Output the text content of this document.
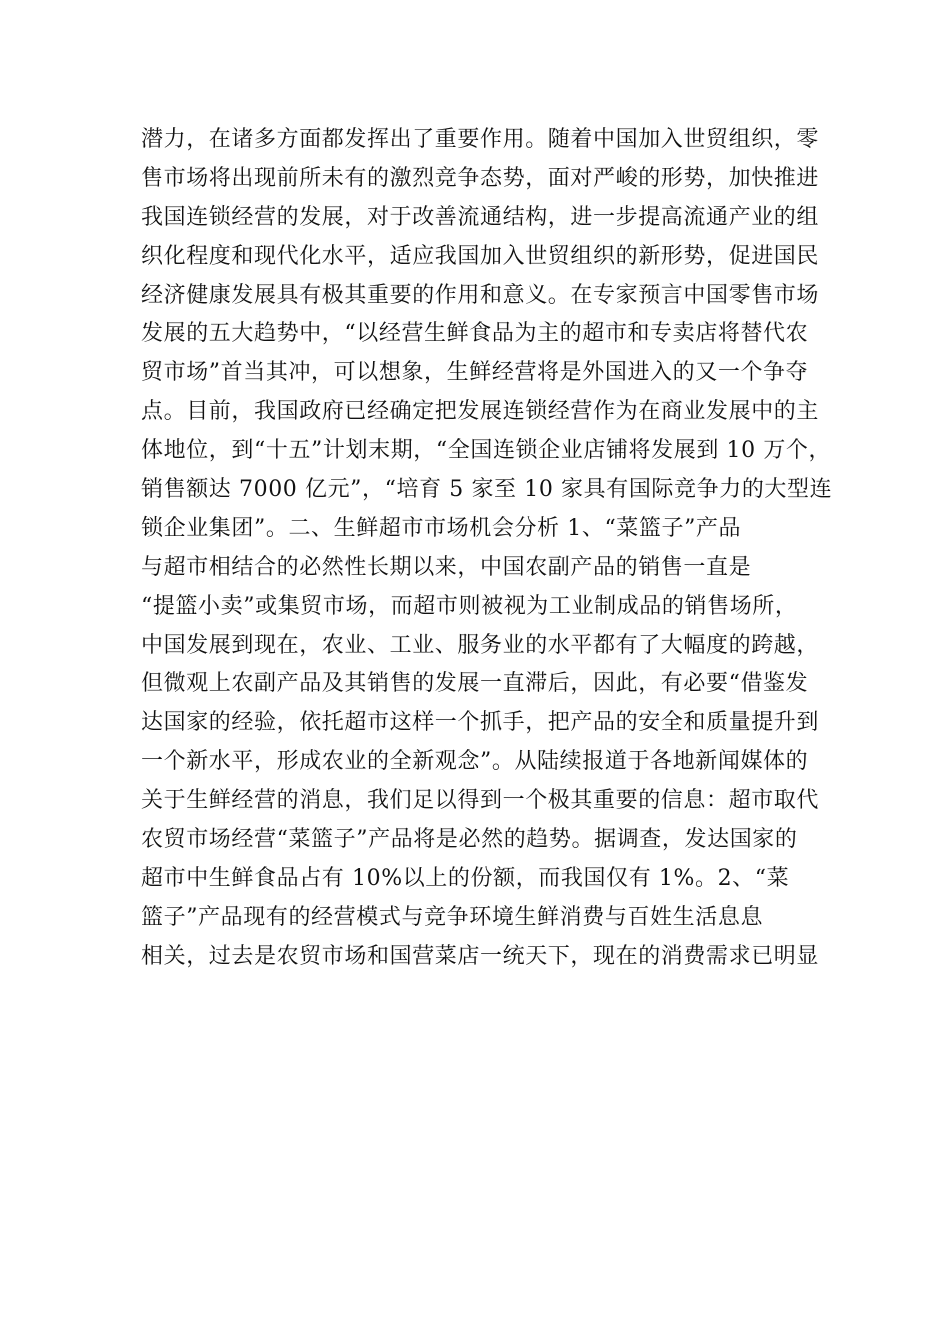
潜力，在诸多方面都发挥出了重要作用。随着中国加入世贸组织，零
售市场将出现前所未有的激烈竞争态势，面对严峻的形势，加快推进
我国连锁经营的发展，对于改善流通结构，进一步提高流通产业的组
织化程度和现代化水平，适应我国加入世贸组织的新形势，促进国民
经济健康发展具有极其重要的作用和意义。在专家预言中国零售市场
发展的五大趋势中，“以经营生鲜食品为主的超市和专卖店将替代农
贸市场”首当其冲，可以想象，生鲜经营将是外国进入的又一个争夺
点。目前，我国政府已经确定把发展连锁经营作为在商业发展中的主
体地位，到“十五”计划末期，“全国连锁企业店铺将发展到 10 万个，
销售额达 7000 亿元”，“培育 5 家至 10 家具有国际竞争力的大型连
锁企业集团”。二、生鲜超市市场机会分析 1、“菜篮子”产品
与超市相结合的必然性长期以来，中国农副产品的销售一直是
“提篮小卖”或集贸市场，而超市则被视为工业制成品的销售场所，
中国发展到现在，农业、工业、服务业的水平都有了大幅度的跨越，
但微观上农副产品及其销售的发展一直滞后，因此，有必要“借鉴发
达国家的经验，依托超市这样一个抓手，把产品的安全和质量提升到
一个新水平，形成农业的全新观念”。从陆续报道于各地新闻媒体的
关于生鲜经营的消息，我们足以得到一个极其重要的信息：超市取代
农贸市场经营“菜篮子”产品将是必然的趋势。据调查，发达国家的
超市中生鲜食品占有 10%以上的份额，而我国仅有 1%。2、“菜
篮子”产品现有的经营模式与竞争环境生鲜消费与百姓生活息息
相关，过去是农贸市场和国营菜店一统天下，现在的消费需求已明显
